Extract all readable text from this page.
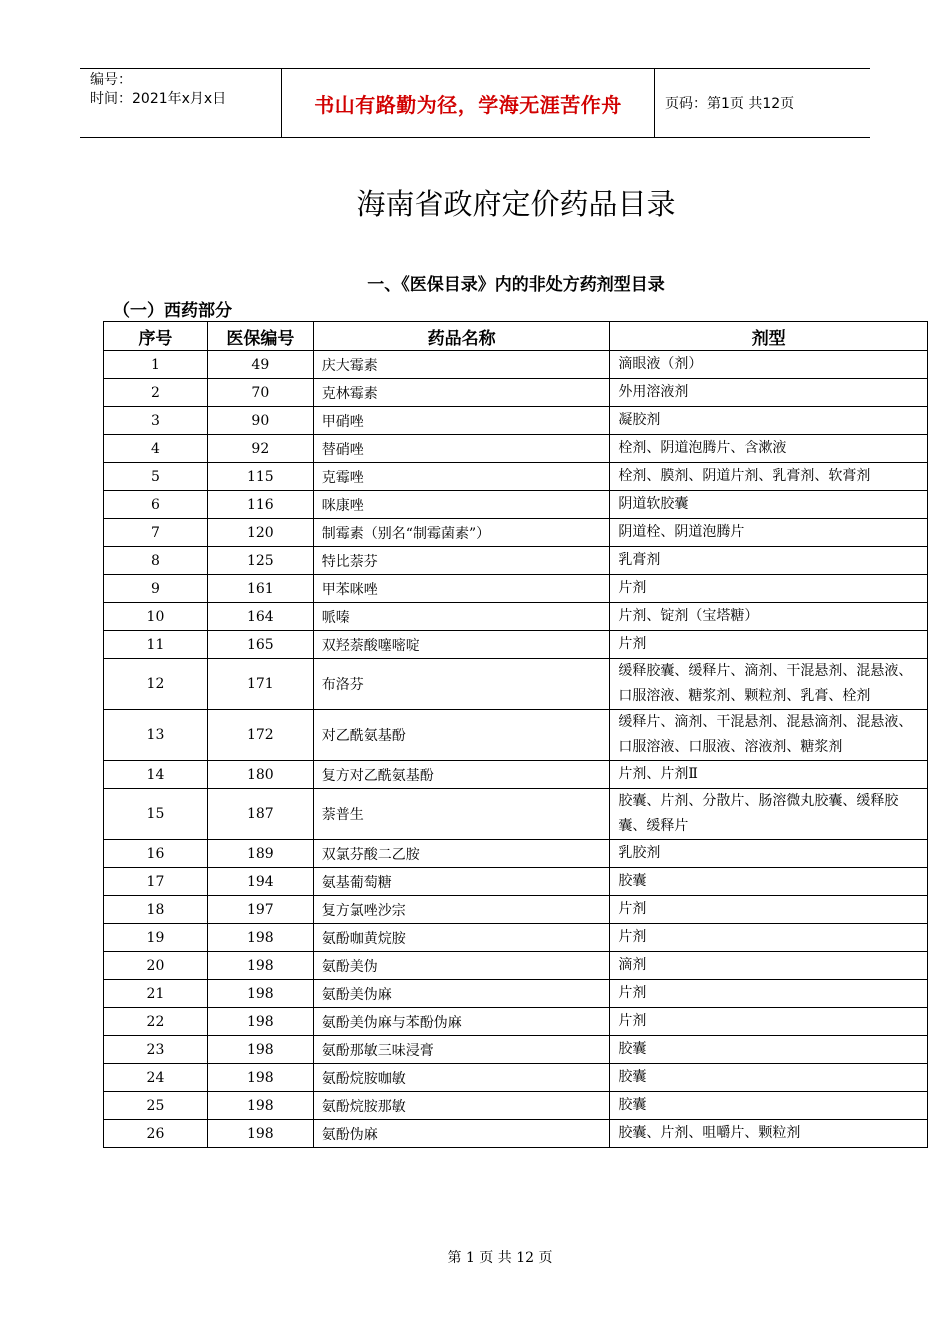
编号：
时间：2021年x月x日	书山有路勤为径，学海无涯苦作舟	页码：第1页 共12页
海南省政府定价药品目录
一、《医保目录》内的非处方药剂型目录
（一）西药部分
序号	医保编号	药品名称	剂型
1	49	庆大霉素	滴眼液（剂）
2	70	克林霉素	外用溶液剂
3	90	甲硝唑	凝胶剂
4	92	替硝唑	栓剂、阴道泡腾片、含漱液
5	115	克霉唑	栓剂、膜剂、阴道片剂、乳膏剂、软膏剂
6	116	咪康唑	阴道软胶囊
7	120	制霉素（别名“制霉菌素”）	阴道栓、阴道泡腾片
8	125	特比萘芬	乳膏剂
9	161	甲苯咪唑	片剂
10	164	哌嗪	片剂、锭剂（宝塔糖）
11	165	双羟萘酸噻嘧啶	片剂
12	171	布洛芬	缓释胶囊、缓释片、滴剂、干混悬剂、混悬液、口服溶液、糖浆剂、颗粒剂、乳膏、栓剂
13	172	对乙酰氨基酚	缓释片、滴剂、干混悬剂、混悬滴剂、混悬液、口服溶液、口服液、溶液剂、糖浆剂
14	180	复方对乙酰氨基酚	片剂、片剂Ⅱ
15	187	萘普生	胶囊、片剂、分散片、肠溶微丸胶囊、缓释胶囊、缓释片
16	189	双氯芬酸二乙胺	乳胶剂
17	194	氨基葡萄糖	胶囊
18	197	复方氯唑沙宗	片剂
19	198	氨酚咖黄烷胺	片剂
20	198	氨酚美伪	滴剂
21	198	氨酚美伪麻	片剂
22	198	氨酚美伪麻与苯酚伪麻	片剂
23	198	氨酚那敏三味浸膏	胶囊
24	198	氨酚烷胺咖敏	胶囊
25	198	氨酚烷胺那敏	胶囊
26	198	氨酚伪麻	胶囊、片剂、咀嚼片、颗粒剂
第 1 页 共 12 页
